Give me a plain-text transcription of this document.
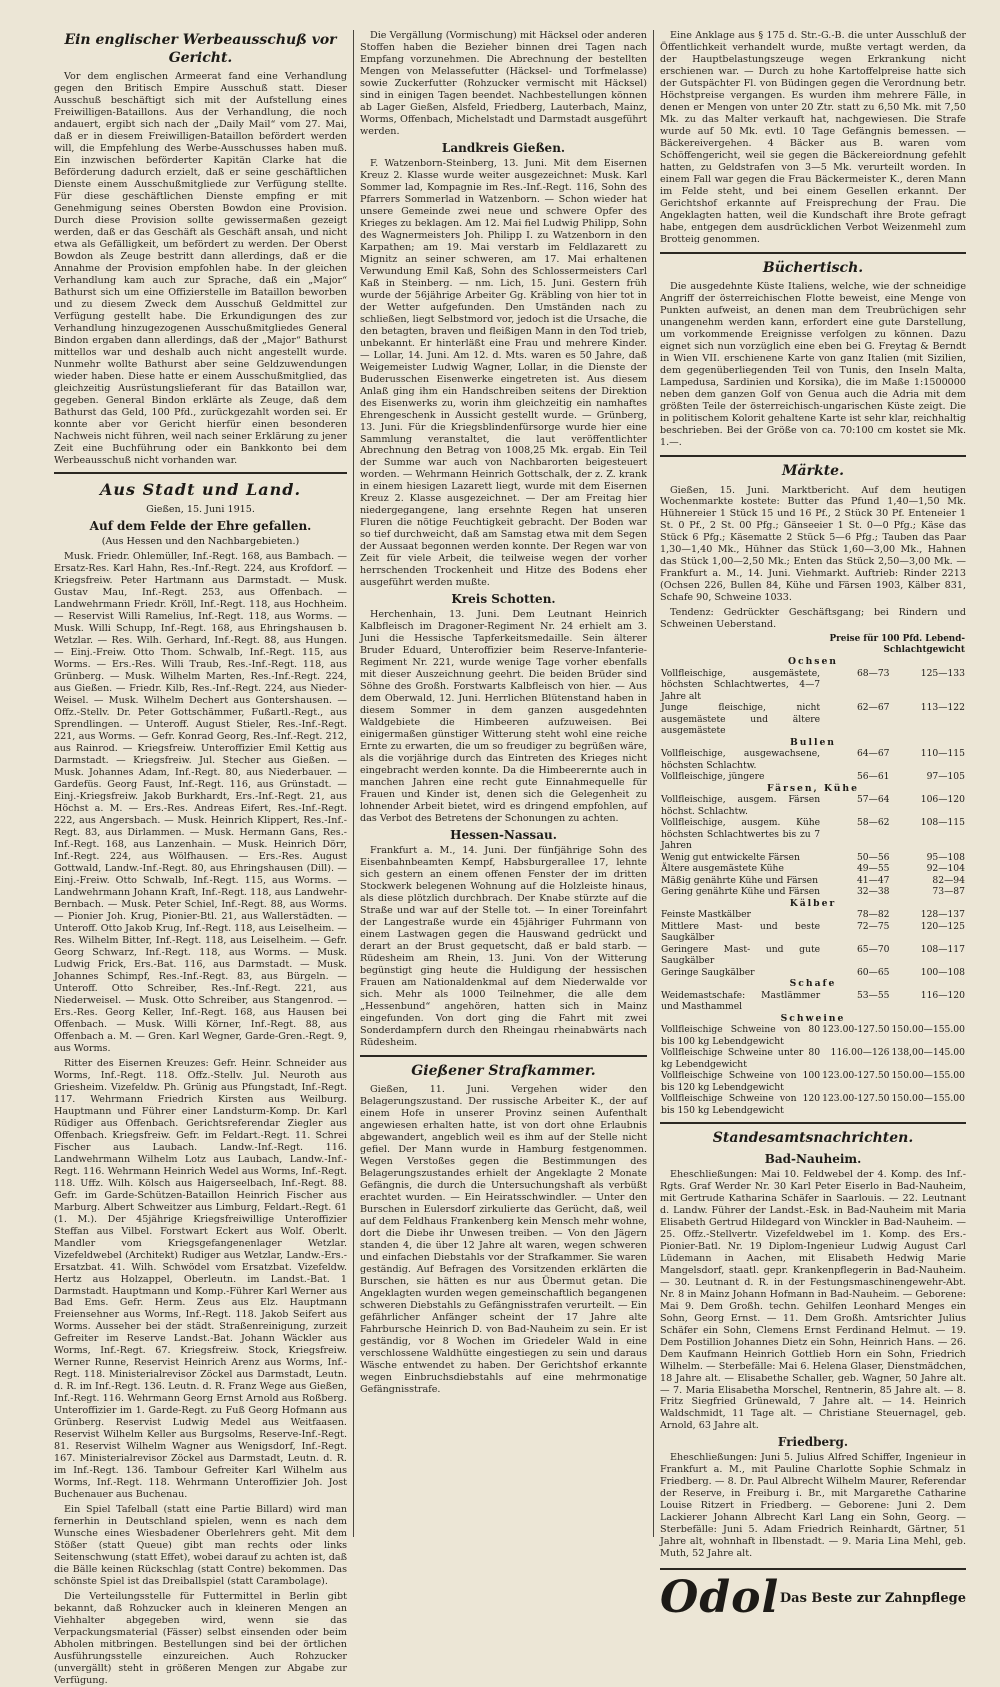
Ein englischer Werbeausschuß vor Gericht.

Vor dem englischen Armeerat fand eine Verhandlung gegen den Britisch Empire Ausschuß statt. Dieser Ausschuß beschäftigt sich mit der Aufstellung eines Freiwilligen-Bataillons. Aus der Verhandlung, die noch andauert, ergibt sich nach der „Daily Mail“ vom 27. Mai, daß er in diesem Freiwilligen-Bataillon befördert werden will, die Empfehlung des Werbe-Ausschusses haben muß. Ein inzwischen beförderter Kapitän Clarke hat die Beförderung dadurch erzielt, daß er seine geschäftlichen Dienste einem Ausschußmitgliede zur Verfügung stellte. Für diese geschäftlichen Dienste empfing er mit Genehmigung seines Obersten Bowdon eine Provision. Durch diese Provision sollte gewissermaßen gezeigt werden, daß er das Geschäft als Geschäft ansah, und nicht etwa als Gefälligkeit, um befördert zu werden. Der Oberst Bowdon als Zeuge bestritt dann allerdings, daß er die Annahme der Provision empfohlen habe. In der gleichen Verhandlung kam auch zur Sprache, daß ein „Major“ Bathurst sich um eine Offizierstelle im Bataillon beworben und zu diesem Zweck dem Ausschuß Geldmittel zur Verfügung gestellt habe. Die Erkundigungen des zur Verhandlung hinzugezogenen Ausschußmitgliedes General Bindon ergaben dann allerdings, daß der „Major“ Bathurst mittellos war und deshalb auch nicht angestellt wurde. Nunmehr wollte Bathurst aber seine Geldzuwendungen wieder haben. Diese hatte er einem Ausschußmitglied, das gleichzeitig Ausrüstungslieferant für das Bataillon war, gegeben. General Bindon erklärte als Zeuge, daß dem Bathurst das Geld, 100 Pfd., zurückgezahlt worden sei. Er konnte aber vor Gericht hierfür einen besonderen Nachweis nicht führen, weil nach seiner Erklärung zu jener Zeit eine Buchführung oder ein Bankkonto bei dem Werbeausschuß nicht vorhanden war.

Aus Stadt und Land.
Gießen, 15. Juni 1915.
Auf dem Felde der Ehre gefallen.
(Aus Hessen und den Nachbargebieten.)

Musk. Friedr. Ohlemüller, Inf.-Regt. 168, aus Bambach. — Ersatz-Res. Karl Hahn, Res.-Inf.-Regt. 224, aus Krofdorf. — Kriegsfreiw. Peter Hartmann aus Darmstadt. — Musk. Gustav Mau, Inf.-Regt. 253, aus Offenbach. — Landwehrmann Friedr. Kröll, Inf.-Regt. 118, aus Hochheim. — Reservist Willi Ramelius, Inf.-Regt. 118, aus Worms. — Musk. Willi Schupp, Inf.-Regt. 168, aus Ehringshausen b. Wetzlar. — Res. Wilh. Gerhard, Inf.-Regt. 88, aus Hungen. — Einj.-Freiw. Otto Thom. Schwalb, Inf.-Regt. 115, aus Worms. — Ers.-Res. Willi Traub, Res.-Inf.-Regt. 118, aus Grünberg. — Musk. Wilhelm Marten, Res.-Inf.-Regt. 224, aus Gießen. — Friedr. Kilb, Res.-Inf.-Regt. 224, aus Nieder-Weisel. — Musk. Wilhelm Dechert aus Gontershausen. — Offz.-Stellv. Dr. Peter Gottschämmer, Fußartl.-Regt., aus Sprendlingen. — Unteroff. August Stieler, Res.-Inf.-Regt. 221, aus Worms. — Gefr. Konrad Georg, Res.-Inf.-Regt. 212, aus Rainrod. — Kriegsfreiw. Unteroffizier Emil Kettig aus Darmstadt. — Kriegsfreiw. Jul. Stecher aus Gießen. — Musk. Johannes Adam, Inf.-Regt. 80, aus Niederbauer. — Gardefüs. Georg Faust, Inf.-Regt. 116, aus Grünstadt. — Einj.-Kriegsfreiw. Jakob Burkhardt, Ers.-Inf.-Regt. 21, aus Höchst a. M. — Ers.-Res. Andreas Eifert, Res.-Inf.-Regt. 222, aus Angersbach. — Musk. Heinrich Klippert, Res.-Inf.-Regt. 83, aus Dirlammen. — Musk. Hermann Gans, Res.-Inf.-Regt. 168, aus Lanzenhain. — Musk. Heinrich Dörr, Inf.-Regt. 224, aus Wölfhausen. — Ers.-Res. August Gottwald, Landw.-Inf.-Regt. 80, aus Ehringshausen (Dill). — Einj.-Freiw. Otto Schwalb, Inf.-Regt. 115, aus Worms. — Landwehrmann Johann Kraft, Inf.-Regt. 118, aus Landwehr-Bernbach. — Musk. Peter Schiel, Inf.-Regt. 88, aus Worms. — Pionier Joh. Krug, Pionier-Btl. 21, aus Wallerstädten. — Unteroff. Otto Jakob Krug, Inf.-Regt. 118, aus Leiselheim. — Res. Wilhelm Bitter, Inf.-Regt. 118, aus Leiselheim. — Gefr. Georg Schwarz, Inf.-Regt. 118, aus Worms. — Musk. Ludwig Frick, Ers.-Bat. 116, aus Darmstadt. — Musk. Johannes Schimpf, Res.-Inf.-Regt. 83, aus Bürgeln. — Unteroff. Otto Schreiber, Res.-Inf.-Regt. 221, aus Niederweisel. — Musk. Otto Schreiber, aus Stangenrod. — Ers.-Res. Georg Keller, Inf.-Regt. 168, aus Hausen bei Offenbach. — Musk. Willi Körner, Inf.-Regt. 88, aus Offenbach a. M. — Gren. Karl Wegner, Garde-Gren.-Regt. 9, aus Worms.

Ritter des Eisernen Kreuzes: Gefr. Heinr. Schneider aus Worms, Inf.-Regt. 118. Offz.-Stellv. Jul. Neuroth aus Griesheim. Vizefeldw. Ph. Grünig aus Pfungstadt, Inf.-Regt. 117. Wehrmann Friedrich Kirsten aus Weilburg. Hauptmann und Führer einer Landsturm-Komp. Dr. Karl Rüdiger aus Offenbach. Gerichtsreferendar Ziegler aus Offenbach. Kriegsfreiw. Gefr. im Feldart.-Regt. 11. Schrei Fischer aus Laubach. Landw.-Inf.-Regt. 116. Landwehrmann Wilhelm Lotz aus Laubach, Landw.-Inf.-Regt. 116. Wehrmann Heinrich Wedel aus Worms, Inf.-Regt. 118. Uffz. Wilh. Kölsch aus Haigerseelbach, Inf.-Regt. 88. Gefr. im Garde-Schützen-Bataillon Heinrich Fischer aus Marburg. Albert Schweitzer aus Limburg, Feldart.-Regt. 61 (1. M.). Der 45jährige Kriegsfreiwillige Unteroffizier Steffan aus Vilbel. Forstwart Eckert aus Wolf. Oberlt. Mandler vom Kriegsgefangenenlager Wetzlar. Vizefeldwebel (Architekt) Rudiger aus Wetzlar, Landw.-Ers.-Ersatzbat. 41. Wilh. Schwödel vom Ersatzbat. Vizefeldw. Hertz aus Holzappel, Oberleutn. im Landst.-Bat. 1 Darmstadt. Hauptmann und Komp.-Führer Karl Werner aus Bad Ems. Gefr. Herm. Zeus aus Elz. Hauptmann Freiensehner aus Worms, Inf.-Regt. 118. Jakob Seifert aus Worms. Ausseher bei der städt. Straßenreinigung, zurzeit Gefreiter im Reserve Landst.-Bat. Johann Wäckler aus Worms, Inf.-Regt. 67. Kriegsfreiw. Stock, Kriegsfreiw. Werner Runne, Reservist Heinrich Arenz aus Worms, Inf.-Regt. 118. Ministerialrevisor Zöckel aus Darmstadt, Leutn. d. R. im Inf.-Regt. 136. Leutn. d. R. Franz Wege aus Gießen, Inf.-Regt. 116. Wehrmann Georg Ernst Arnold aus Roßberg. Unteroffizier im 1. Garde-Regt. zu Fuß Georg Hofmann aus Grünberg. Reservist Ludwig Medel aus Weitfaasen. Reservist Wilhelm Keller aus Burgsolms, Reserve-Inf.-Regt. 81. Reservist Wilhelm Wagner aus Wenigsdorf, Inf.-Regt. 167. Ministerialrevisor Zöckel aus Darmstadt, Leutn. d. R. im Inf.-Regt. 136. Tambour Gefreiter Karl Wilhelm aus Worms, Inf.-Regt. 118. Wehrmann Unteroffizier Joh. Jost Buchenauer aus Buchenau.

Ein Spiel Tafelball (statt eine Partie Billard) wird man fernerhin in Deutschland spielen, wenn es nach dem Wunsche eines Wiesbadener Oberlehrers geht. Mit dem Stößer (statt Queue) gibt man rechts oder links Seitenschwung (statt Effet), wobei darauf zu achten ist, daß die Bälle keinen Rückschlag (statt Contre) bekommen. Das schönste Spiel ist das Dreiballspiel (statt Carambolage).

Die Verteilungsstelle für Futtermittel in Berlin gibt bekannt, daß Rohzucker auch in kleineren Mengen an Viehhalter abgegeben wird, wenn sie das Verpackungsmaterial (Fässer) selbst einsenden oder beim Abholen mitbringen. Bestellungen sind bei der örtlichen Ausführungsstelle einzureichen. Auch Rohzucker (unvergällt) steht in größeren Mengen zur Abgabe zur Verfügung.

Die Vergällung (Vormischung) mit Häcksel oder anderen Stoffen haben die Bezieher binnen drei Tagen nach Empfang vorzunehmen. Die Abrechnung der bestellten Mengen von Melassefutter (Häcksel- und Torfmelasse) sowie Zuckerfutter (Rohzucker vermischt mit Häcksel) sind in einigen Tagen beendet. Nachbestellungen können ab Lager Gießen, Alsfeld, Friedberg, Lauterbach, Mainz, Worms, Offenbach, Michelstadt und Darmstadt ausgeführt werden.

Landkreis Gießen.

F. Watzenborn-Steinberg, 13. Juni. Mit dem Eisernen Kreuz 2. Klasse wurde weiter ausgezeichnet: Musk. Karl Sommer lad, Kompagnie im Res.-Inf.-Regt. 116, Sohn des Pfarrers Sommerlad in Watzenborn. — Schon wieder hat unsere Gemeinde zwei neue und schwere Opfer des Krieges zu beklagen. Am 12. Mai fiel Ludwig Philipp, Sohn des Wagnermeisters Joh. Philipp I. zu Watzenborn in den Karpathen; am 19. Mai verstarb im Feldlazarett zu Mignitz an seiner schweren, am 17. Mai erhaltenen Verwundung Emil Kaß, Sohn des Schlossermeisters Carl Kaß in Steinberg. — nm. Lich, 15. Juni. Gestern früh wurde der 56jährige Arbeiter Gg. Kräbling von hier tot in der Wetter aufgefunden. Den Umständen nach zu schließen, liegt Selbstmord vor, jedoch ist die Ursache, die den betagten, braven und fleißigen Mann in den Tod trieb, unbekannt. Er hinterläßt eine Frau und mehrere Kinder. — Lollar, 14. Juni. Am 12. d. Mts. waren es 50 Jahre, daß Weigemeister Ludwig Wagner, Lollar, in die Dienste der Buderusschen Eisenwerke eingetreten ist. Aus diesem Anlaß ging ihm ein Handschreiben seitens der Direktion des Eisenwerks zu, worin ihm gleichzeitig ein namhaftes Ehrengeschenk in Aussicht gestellt wurde. — Grünberg, 13. Juni. Für die Kriegsblindenfürsorge wurde hier eine Sammlung veranstaltet, die laut veröffentlichter Abrechnung den Betrag von 1008,25 Mk. ergab. Ein Teil der Summe war auch von Nachbarorten beigesteuert worden. — Wehrmann Heinrich Gottschalk, der z. Z. krank in einem hiesigen Lazarett liegt, wurde mit dem Eisernen Kreuz 2. Klasse ausgezeichnet. — Der am Freitag hier niedergegangene, lang ersehnte Regen hat unseren Fluren die nötige Feuchtigkeit gebracht. Der Boden war so tief durchweicht, daß am Samstag etwa mit dem Segen der Aussaat begonnen werden konnte. Der Regen war von Zeit für viele Arbeit, die teilweise wegen der vorher herrschenden Trockenheit und Hitze des Bodens eher ausgeführt werden mußte.

Kreis Schotten.

Herchenhain, 13. Juni. Dem Leutnant Heinrich Kalbfleisch im Dragoner-Regiment Nr. 24 erhielt am 3. Juni die Hessische Tapferkeitsmedaille. Sein älterer Bruder Eduard, Unteroffizier beim Reserve-Infanterie-Regiment Nr. 221, wurde wenige Tage vorher ebenfalls mit dieser Auszeichnung geehrt. Die beiden Brüder sind Söhne des Großh. Forstwarts Kalbfleisch von hier. — Aus dem Oberwald, 12. Juni. Herrlichen Blütenstand haben in diesem Sommer in dem ganzen ausgedehnten Waldgebiete die Himbeeren aufzuweisen. Bei einigermaßen günstiger Witterung steht wohl eine reiche Ernte zu erwarten, die um so freudiger zu begrüßen wäre, als die vorjährige durch das Eintreten des Krieges nicht eingebracht werden konnte. Da die Himbeerernte auch in manchen Jahren eine recht gute Einnahmequelle für Frauen und Kinder ist, denen sich die Gelegenheit zu lohnender Arbeit bietet, wird es dringend empfohlen, auf das Verbot des Betretens der Schonungen zu achten.

Hessen-Nassau.

Frankfurt a. M., 14. Juni. Der fünfjährige Sohn des Eisenbahnbeamten Kempf, Habsburgerallee 17, lehnte sich gestern an einem offenen Fenster der im dritten Stockwerk belegenen Wohnung auf die Holzleiste hinaus, als diese plötzlich durchbrach. Der Knabe stürzte auf die Straße und war auf der Stelle tot. — In einer Toreinfahrt der Langestraße wurde ein 45jähriger Fuhrmann von einem Lastwagen gegen die Hauswand gedrückt und derart an der Brust gequetscht, daß er bald starb. — Rüdesheim am Rhein, 13. Juni. Von der Witterung begünstigt ging heute die Huldigung der hessischen Frauen am Nationaldenkmal auf dem Niederwalde vor sich. Mehr als 1000 Teilnehmer, die alle dem „Hessenbund“ angehören, hatten sich in Mainz eingefunden. Von dort ging die Fahrt mit zwei Sonderdampfern durch den Rheingau rheinabwärts nach Rüdesheim.

Gießener Strafkammer.

Gießen, 11. Juni. Vergehen wider den Belagerungszustand. Der russische Arbeiter K., der auf einem Hofe in unserer Provinz seinen Aufenthalt angewiesen erhalten hatte, ist von dort ohne Erlaubnis abgewandert, angeblich weil es ihm auf der Stelle nicht gefiel. Der Mann wurde in Hamburg festgenommen. Wegen Verstoßes gegen die Bestimmungen des Belagerungszustandes erhielt der Angeklagte 2 Monate Gefängnis, die durch die Untersuchungshaft als verbüßt erachtet wurden. — Ein Heiratsschwindler. — Unter den Burschen in Eulersdorf zirkulierte das Gerücht, daß, weil auf dem Feldhaus Frankenberg kein Mensch mehr wohne, dort die Diebe ihr Unwesen treiben. — Von den Jägern standen 4, die über 12 Jahre alt waren, wegen schweren und einfachen Diebstahls vor der Strafkammer. Sie waren geständig. Auf Befragen des Vorsitzenden erklärten die Burschen, sie hätten es nur aus Übermut getan. Die Angeklagten wurden wegen gemeinschaftlich begangenen schweren Diebstahls zu Gefängnisstrafen verurteilt. — Ein gefährlicher Anfänger scheint der 17 Jahre alte Fahrbursche Heinrich D. von Bad-Nauheim zu sein. Er ist geständig, vor 8 Wochen im Griedeler Wald in eine verschlossene Waldhütte eingestiegen zu sein und daraus Wäsche entwendet zu haben. Der Gerichtshof erkannte wegen Einbruchsdiebstahls auf eine mehrmonatige Gefängnisstrafe.

Eine Anklage aus § 175 d. Str.-G.-B. die unter Ausschluß der Öffentlichkeit verhandelt wurde, mußte vertagt werden, da der Hauptbelastungszeuge wegen Erkrankung nicht erschienen war. — Durch zu hohe Kartoffelpreise hatte sich der Gutspächter Fl. von Büdingen gegen die Verordnung betr. Höchstpreise vergangen. Es wurden ihm mehrere Fälle, in denen er Mengen von unter 20 Ztr. statt zu 6,50 Mk. mit 7,50 Mk. zu das Malter verkauft hat, nachgewiesen. Die Strafe wurde auf 50 Mk. evtl. 10 Tage Gefängnis bemessen. — Bäckereivergehen. 4 Bäcker aus B. waren vom Schöffengericht, weil sie gegen die Bäckereiordnung gefehlt hatten, zu Geldstrafen von 3—5 Mk. verurteilt worden. In einem Fall war gegen die Frau Bäckermeister K., deren Mann im Felde steht, und bei einem Gesellen erkannt. Der Gerichtshof erkannte auf Freisprechung der Frau. Die Angeklagten hatten, weil die Kundschaft ihre Brote gefragt habe, entgegen dem ausdrücklichen Verbot Weizenmehl zum Brotteig genommen.

Büchertisch.

Die ausgedehnte Küste Italiens, welche, wie der schneidige Angriff der österreichischen Flotte beweist, eine Menge von Punkten aufweist, an denen man dem Treubrüchigen sehr unangenehm werden kann, erfordert eine gute Darstellung, um vorkommende Ereignisse verfolgen zu können. Dazu eignet sich nun vorzüglich eine eben bei G. Freytag & Berndt in Wien VII. erschienene Karte von ganz Italien (mit Sizilien, dem gegenüberliegenden Teil von Tunis, den Inseln Malta, Lampedusa, Sardinien und Korsika), die im Maße 1:1500000 neben dem ganzen Golf von Genua auch die Adria mit dem größten Teile der österreichisch-ungarischen Küste zeigt. Die in politischem Kolorit gehaltene Karte ist sehr klar, reichhaltig beschrieben. Bei der Größe von ca. 70:100 cm kostet sie Mk. 1.—.

Märkte.

Gießen, 15. Juni. Marktbericht. Auf dem heutigen Wochenmarkte kostete: Butter das Pfund 1,40—1,50 Mk. Hühnereier 1 Stück 15 und 16 Pf., 2 Stück 30 Pf. Enteneier 1 St. 0 Pf., 2 St. 00 Pfg.; Gänseeier 1 St. 0—0 Pfg.; Käse das Stück 6 Pfg.; Käsematte 2 Stück 5—6 Pfg.; Tauben das Paar 1,30—1,40 Mk., Hühner das Stück 1,60—3,00 Mk., Hahnen das Stück 1,00—2,50 Mk.; Enten das Stück 2,50—3,00 Mk. — Frankfurt a. M., 14. Juni. Viehmarkt. Auftrieb: Rinder 2213 (Ochsen 226, Bullen 84, Kühe und Färsen 1903, Kälber 831, Schafe 90, Schweine 1033.

Tendenz: Gedrückter Geschäftsgang; bei Rindern und Schweinen Ueberstand.

	Preise für 100 Pfd. Lebend- Schlachtgewicht	
Ochsen		
Vollfleischige, ausgemästete, höchsten Schlachtwertes, 4—7 Jahre alt	68—73	125—133
Junge fleischige, nicht ausgemästete und ältere ausgemästete	62—67	113—122
Bullen		
Vollfleischige, ausgewachsene, höchsten Schlachtw.	64—67	110—115
Vollfleischige, jüngere	56—61	97—105
Färsen, Kühe		
Vollfleischige, ausgem. Färsen höchst. Schlachtw.	57—64	106—120
Vollfleischige, ausgem. Kühe höchsten Schlachtwertes bis zu 7 Jahren	58—62	108—115
Wenig gut entwickelte Färsen	50—56	95—108
Ältere ausgemästete Kühe	49—55	92—104
Mäßig genährte Kühe und Färsen	41—47	82—94
Gering genährte Kühe und Färsen	32—38	73—87
Kälber		
Feinste Mastkälber	78—82	128—137
Mittlere Mast- und beste Saugkälber	72—75	120—125
Geringere Mast- und gute Saugkälber	65—70	108—117
Geringe Saugkälber	60—65	100—108
Schafe		
Weidemastschafe: Mastlämmer und Masthammel	53—55	116—120
Schweine		
Vollfleischige Schweine von 80 bis 100 kg Lebendgewicht	123.00-127.50	150.00—155.00
Vollfleischige Schweine unter 80 kg Lebendgewicht	116.00—126	138,00—145.00
Vollfleischige Schweine von 100 bis 120 kg Lebendgewicht	123.00-127.50	150.00—155.00
Vollfleischige Schweine von 120 bis 150 kg Lebendgewicht	123.00-127.50	150.00—155.00
Standesamtsnachrichten.
Bad-Nauheim.

Eheschließungen: Mai 10. Feldwebel der 4. Komp. des Inf.-Rgts. Graf Werder Nr. 30 Karl Peter Eiserlo in Bad-Nauheim, mit Gertrude Katharina Schäfer in Saarlouis. — 22. Leutnant d. Landw. Führer der Landst.-Esk. in Bad-Nauheim mit Maria Elisabeth Gertrud Hildegard von Winckler in Bad-Nauheim. — 25. Offz.-Stellvertr. Vizefeldwebel im 1. Komp. des Ers.-Pionier-Batl. Nr. 19 Diplom-Ingenieur Ludwig August Carl Lüdemann in Aachen, mit Elisabeth Hedwig Marie Mangelsdorf, staatl. gepr. Krankenpflegerin in Bad-Nauheim. — 30. Leutnant d. R. in der Festungsmaschinengewehr-Abt. Nr. 8 in Mainz Johann Hofmann in Bad-Nauheim. — Geborene: Mai 9. Dem Großh. techn. Gehilfen Leonhard Menges ein Sohn, Georg Ernst. — 11. Dem Großh. Amtsrichter Julius Schäfer ein Sohn, Clemens Ernst Ferdinand Helmut. — 19. Dem Postillion Johannes Dietz ein Sohn, Heinrich Hans. — 26. Dem Kaufmann Heinrich Gottlieb Horn ein Sohn, Friedrich Wilhelm. — Sterbefälle: Mai 6. Helena Glaser, Dienstmädchen, 18 Jahre alt. — Elisabethe Schaller, geb. Wagner, 50 Jahre alt. — 7. Maria Elisabetha Morschel, Rentnerin, 85 Jahre alt. — 8. Fritz Siegfried Grünewald, 7 Jahre alt. — 14. Heinrich Waldschmidt, 11 Tage alt. — Christiane Steuernagel, geb. Arnold, 63 Jahre alt.

Friedberg.

Eheschließungen: Juni 5. Julius Alfred Schiffer, Ingenieur in Frankfurt a. M., mit Pauline Charlotte Sophie Schmalz in Friedberg. — 8. Dr. Paul Albrecht Wilhelm Maurer, Referendar der Reserve, in Freiburg i. Br., mit Margarethe Catharine Louise Ritzert in Friedberg. — Geborene: Juni 2. Dem Lackierer Johann Albrecht Karl Lang ein Sohn, Georg. — Sterbefälle: Juni 5. Adam Friedrich Reinhardt, Gärtner, 51 Jahre alt, wohnhaft in Ilbenstadt. — 9. Maria Lina Mehl, geb. Muth, 52 Jahre alt.

Odol Das Beste zur Zahnpflege
